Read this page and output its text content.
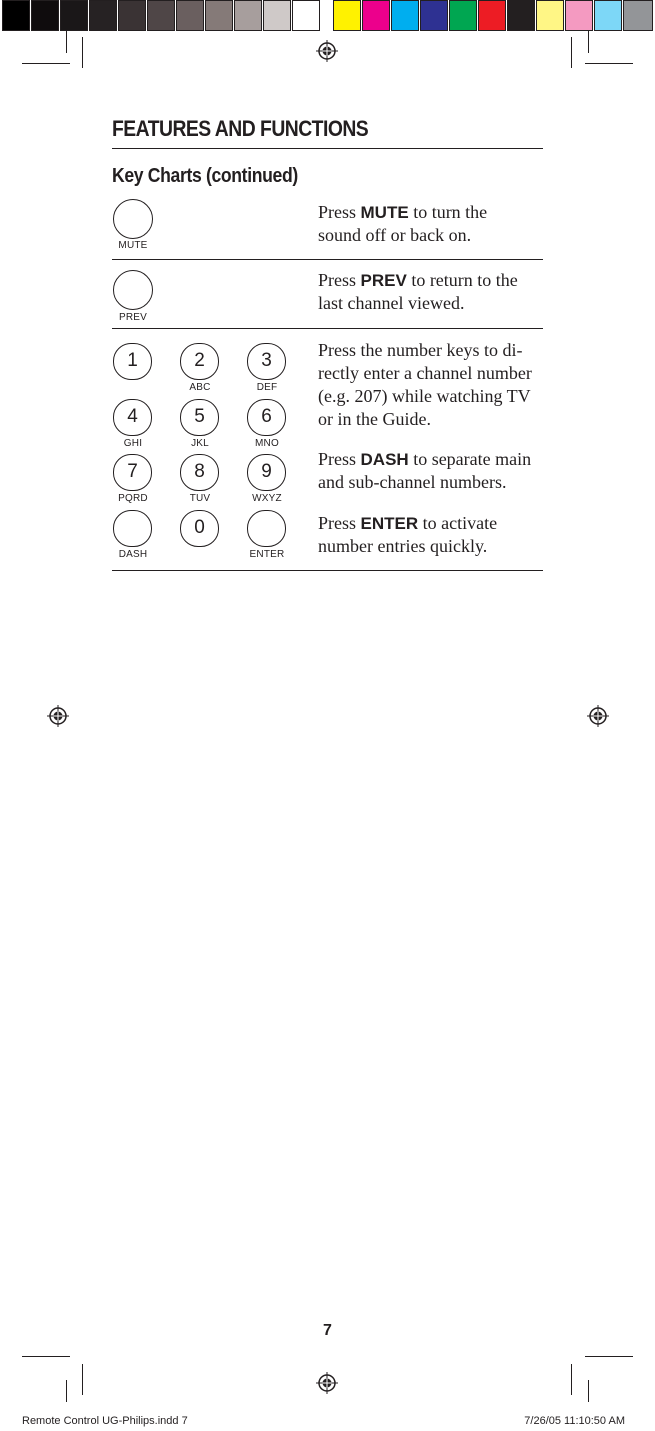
FEATURES AND FUNCTIONS
Key Charts (continued)
MUTE

Press MUTE to turn the
sound off or back on.

PREV

Press PREV to return to the
last channel viewed.

1	2
ABC
3
DEF
4
GHI
5
JKL
6
MNO
7
PQRD
8
TUV
9
WXYZ
DASH
0
ENTER

Press the number keys to di-
rectly enter a channel number
(e.g. 207) while watching TV
or in the Guide.

Press DASH to separate main
and sub-channel numbers.

Press ENTER to activate
number entries quickly.

7
Remote Control UG-Philips.indd 7	7/26/05 11:10:50 AM
